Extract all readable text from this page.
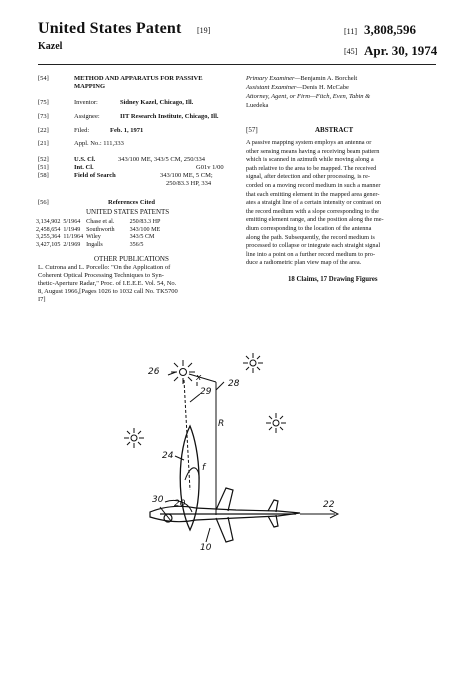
United States Patent [19]
Kazel
[11] 3,808,596
[45] Apr. 30, 1974
[54]	METHOD AND APPARATUS FOR PASSIVE
MAPPING
[75]	Inventor:	Sidney Kazel, Chicago, Ill.
[73]	Assignee:	IIT Research Institute, Chicago, Ill.
[22]	Filed:	Feb. 1, 1971
[21]	Appl. No.: 111,333
[52]	U.S. Cl.	343/100 ME, 343/5 CM, 250/334
[51]	Int. Cl.	G01v 1/00
[58]	Field of Search	343/100 ME, 5 CM;
250/83.3 HP, 334
[56]	References Cited
UNITED STATES PATENTS
3,134,902	5/1964	Chase et al.	250/83.3 HP
2,458,654	1/1949	Southworth	343/100 ME
3,255,364	11/1964	Wiley	343/5 CM
3,427,105	2/1969	Ingalls	356/5
OTHER PUBLICATIONS
L. Cutrona and L. Porcello: "On the Application of
Coherent Optical Processing Techniques to Syn-
thetic-Aperture Radar," Proc. of I.E.E.E. Vol. 54, No.
8, August 1966,[Pages 1026 to 1032 call No. TK5700
I7]
Primary Examiner—Benjamin A. Borchelt
Assistant Examiner—Denis H. McCabe
Attorney, Agent, or Firm—Fitch, Even, Tabin &
Luedeka
[57]	ABSTRACT
A passive mapping system employs an antenna or
other sensing means having a receiving beam pattern
which is scanned in azimuth while moving along a
path relative to the area to be mapped. The received
signal, after detection and other processing, is re-
corded on a moving record medium in such a manner
that each emitting element in the mapped area gener-
ates a straight line of a certain intensity or contrast on
the record medium with a slope corresponding to the
emitting element range, and the position along the me-
dium corresponding to the location of the antenna
along the path. Subsequently, the record medium is
processed to collapse or integrate each straight signal
line into a point on a further record medium to pro-
duce a radiometric plan view map of the area.
18 Claims, 17 Drawing Figures
26
x
29
28
R
f
24
30 20
10
22
